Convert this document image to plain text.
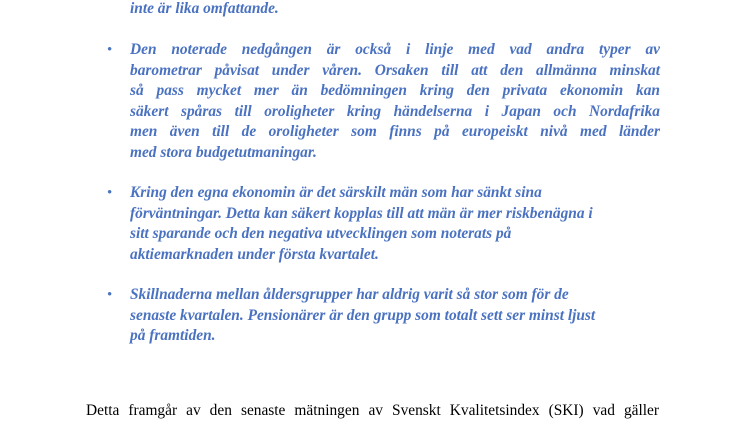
inte är lika omfattande.
• Den noterade nedgången är också i linje med vad andra typer av
barometrar påvisat under våren. Orsaken till att den allmänna minskat
så pass mycket mer än bedömningen kring den privata ekonomin kan
säkert spåras till oroligheter kring händelserna i Japan och Nordafrika
men även till de oroligheter som finns på europeiskt nivå med länder
med stora budgetutmaningar.
• Kring den egna ekonomin är det särskilt män som har sänkt sina
förväntningar. Detta kan säkert kopplas till att män är mer riskbenägna i
sitt sparande och den negativa utvecklingen som noterats på
aktiemarknaden under första kvartalet.
• Skillnaderna mellan åldersgrupper har aldrig varit så stor som för de
senaste kvartalen. Pensionärer är den grupp som totalt sett ser minst ljust
på framtiden.
Detta framgår av den senaste mätningen av Svenskt Kvalitetsindex (SKI) vad gäller
